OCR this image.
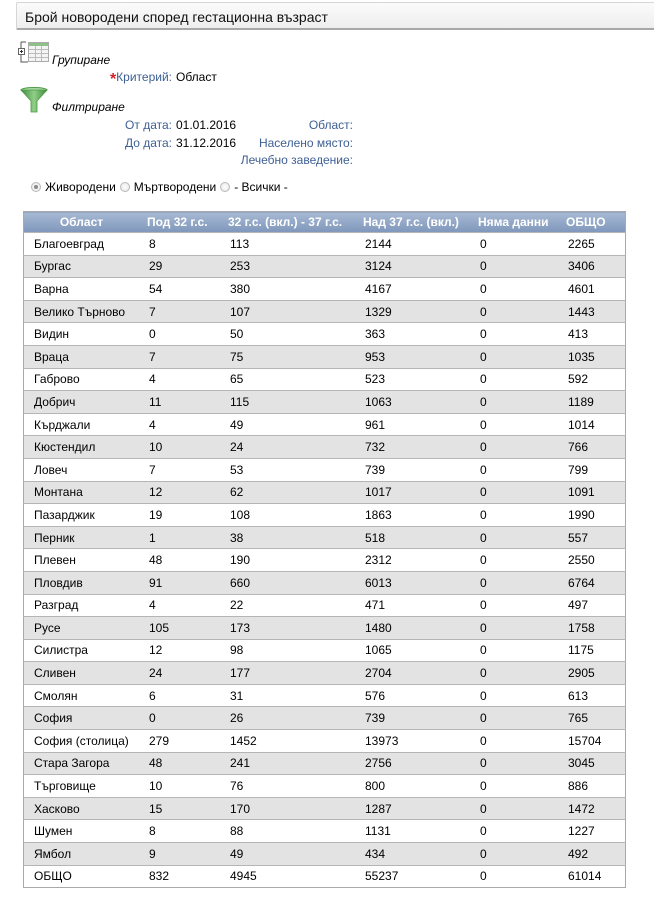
Брой новородени според гестационна възраст
Групиране
*Критерий: Област
Филтриране
От дата: 01.01.2016
До дата: 31.12.2016
Област:
Населено място:
Лечебно заведение:
Живородени Мъртвородени - Всички -
Област	Под 32 г.с.	32 г.с. (вкл.) - 37 г.с.	Над 37 г.с. (вкл.)	Няма данни	ОБЩО
Благоевград	8	113	2144	0	2265
Бургас	29	253	3124	0	3406
Варна	54	380	4167	0	4601
Велико Търново	7	107	1329	0	1443
Видин	0	50	363	0	413
Враца	7	75	953	0	1035
Габрово	4	65	523	0	592
Добрич	11	115	1063	0	1189
Кърджали	4	49	961	0	1014
Кюстендил	10	24	732	0	766
Ловеч	7	53	739	0	799
Монтана	12	62	1017	0	1091
Пазарджик	19	108	1863	0	1990
Перник	1	38	518	0	557
Плевен	48	190	2312	0	2550
Пловдив	91	660	6013	0	6764
Разград	4	22	471	0	497
Русе	105	173	1480	0	1758
Силистра	12	98	1065	0	1175
Сливен	24	177	2704	0	2905
Смолян	6	31	576	0	613
София	0	26	739	0	765
София (столица)	279	1452	13973	0	15704
Стара Загора	48	241	2756	0	3045
Търговище	10	76	800	0	886
Хасково	15	170	1287	0	1472
Шумен	8	88	1131	0	1227
Ямбол	9	49	434	0	492
ОБЩО	832	4945	55237	0	61014
